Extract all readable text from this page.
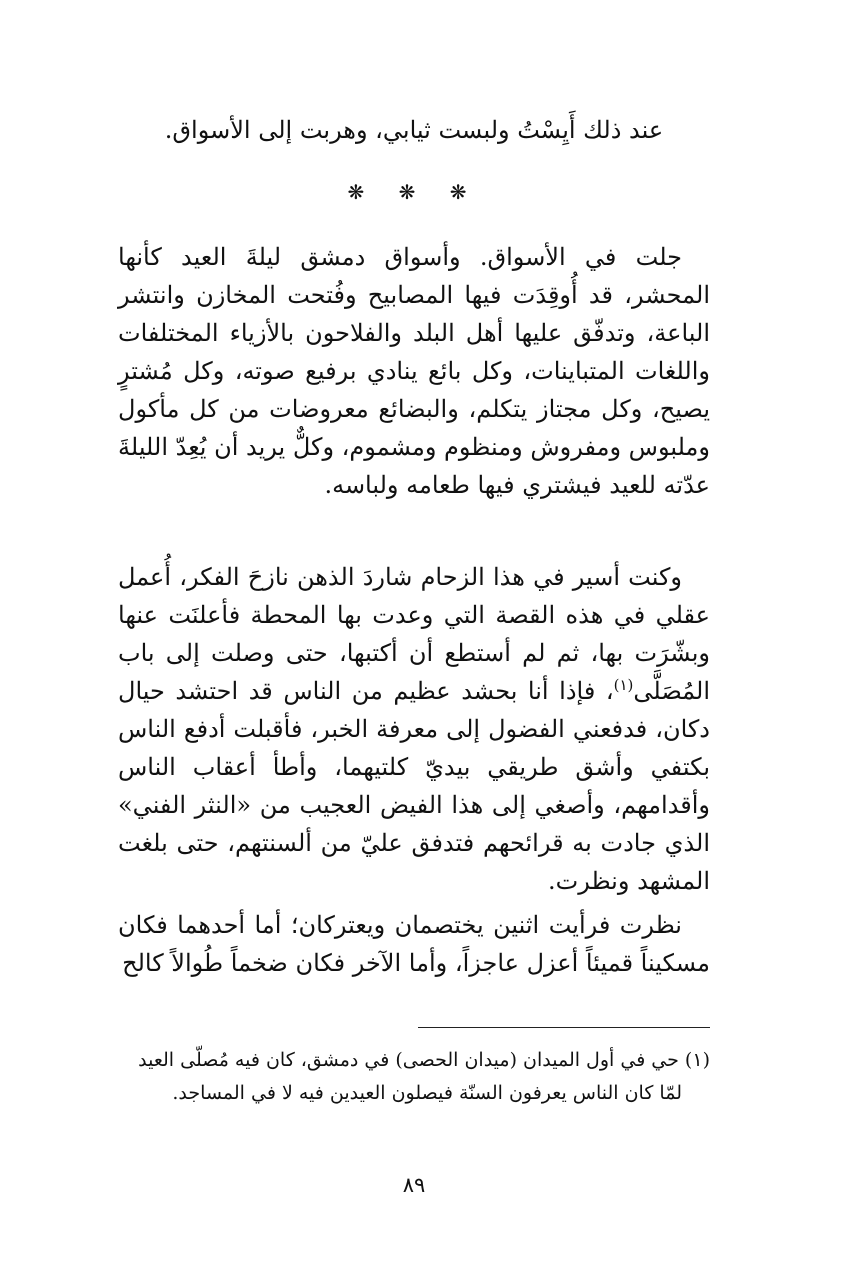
عند ذلك أَيِسْتُ ولبست ثيابي، وهربت إلى الأسواق.
❋ ❋ ❋

جلت في الأسواق. وأسواق دمشق ليلةَ العيد كأنها المحشر، قد أُوقِدَت فيها المصابيح وفُتحت المخازن وانتشر الباعة، وتدفّق عليها أهل البلد والفلاحون بالأزياء المختلفات واللغات المتباينات، وكل بائع ينادي برفيع صوته، وكل مُشترٍ يصيح، وكل مجتاز يتكلم، والبضائع معروضات من كل مأكول وملبوس ومفروش ومنظوم ومشموم، وكلٌّ يريد أن يُعِدّ الليلةَ عدّته للعيد فيشتري فيها طعامه ولباسه.

وكنت أسير في هذا الزحام شاردَ الذهن نازحَ الفكر، أُعمل عقلي في هذه القصة التي وعدت بها المحطة فأعلنَت عنها وبشّرَت بها، ثم لم أستطع أن أكتبها، حتى وصلت إلى باب المُصَلَّى$^{(١)}$، فإذا أنا بحشد عظيم من الناس قد احتشد حيال دكان، فدفعني الفضول إلى معرفة الخبر، فأقبلت أدفع الناس بكتفي وأشق طريقي بيديّ كلتيهما، وأطأ أعقاب الناس وأقدامهم، وأصغي إلى هذا الفيض العجيب من «النثر الفني» الذي جادت به قرائحهم فتدفق عليّ من ألسنتهم، حتى بلغت المشهد ونظرت.

نظرت فرأيت اثنين يختصمان ويعتركان؛ أما أحدهما فكان مسكيناً قميئاً أعزل عاجزاً، وأما الآخر فكان ضخماً طُوالاً كالح

(١) حي في أول الميدان (ميدان الحصى) في دمشق، كان فيه مُصلّى العيد
لمّا كان الناس يعرفون السنّة فيصلون العيدين فيه لا في المساجد.

٨٩
